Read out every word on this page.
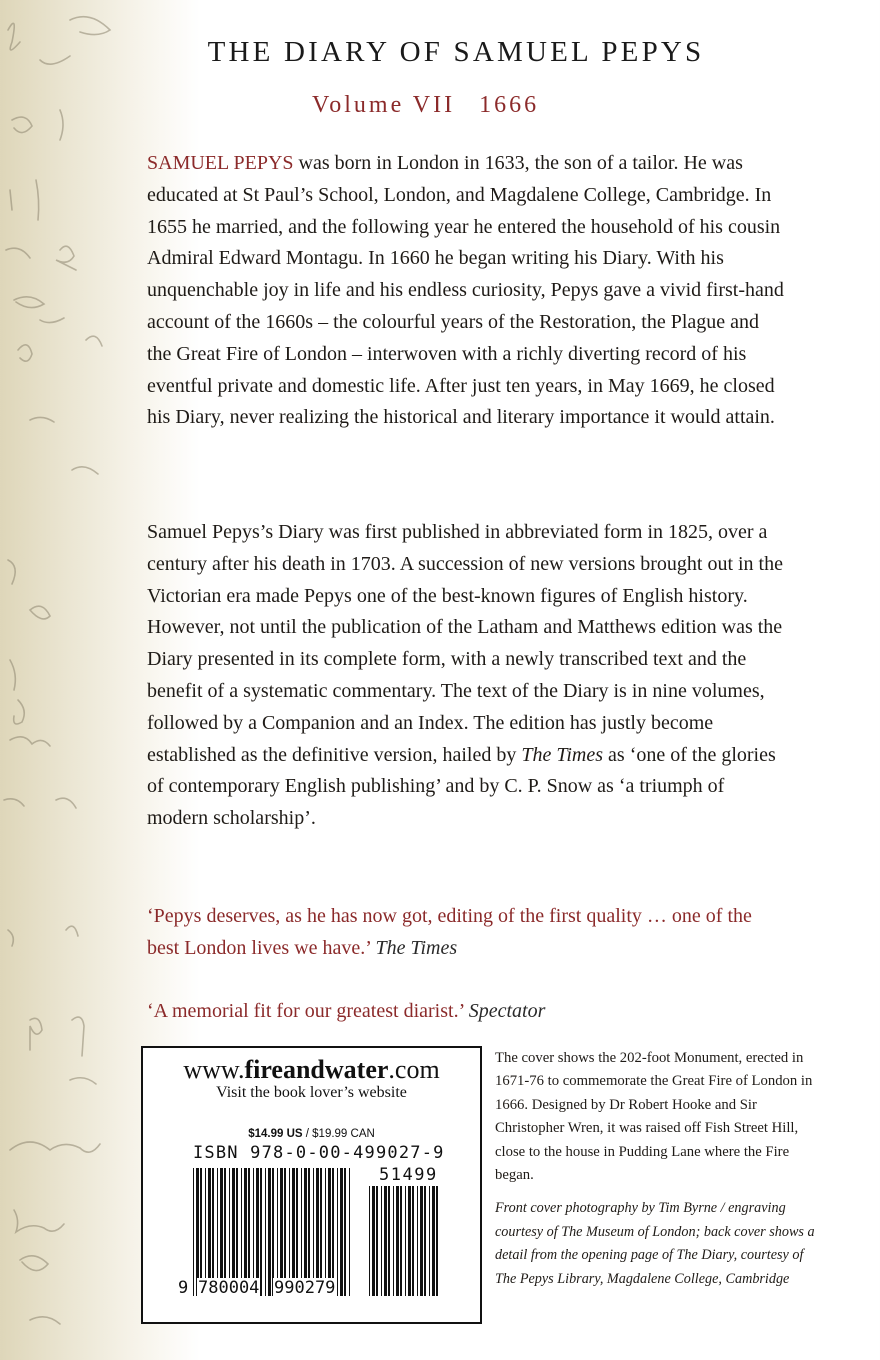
THE DIARY OF SAMUEL PEPYS
Volume VII 1666
SAMUEL PEPYS was born in London in 1633, the son of a tailor. He was educated at St Paul’s School, London, and Magdalene College, Cambridge. In 1655 he married, and the following year he entered the household of his cousin Admiral Edward Montagu. In 1660 he began writing his Diary. With his unquenchable joy in life and his endless curiosity, Pepys gave a vivid first-hand account of the 1660s – the colourful years of the Restoration, the Plague and the Great Fire of London – interwoven with a richly diverting record of his eventful private and domestic life. After just ten years, in May 1669, he closed his Diary, never realizing the historical and literary importance it would attain.
Samuel Pepys’s Diary was first published in abbreviated form in 1825, over a century after his death in 1703. A succession of new versions brought out in the Victorian era made Pepys one of the best-known figures of English history. However, not until the publication of the Latham and Matthews edition was the Diary presented in its complete form, with a newly transcribed text and the benefit of a systematic commentary. The text of the Diary is in nine volumes, followed by a Companion and an Index. The edition has justly become established as the definitive version, hailed by The Times as ‘one of the glories of contemporary English publishing’ and by C. P. Snow as ‘a triumph of modern scholarship’.
‘Pepys deserves, as he has now got, editing of the first quality … one of the best London lives we have.’ The Times
‘A memorial fit for our greatest diarist.’ Spectator
www.fireandwater.com
Visit the book lover’s website
$14.99 US / $19.99 CAN
ISBN 978-0-00-499027-9
51499
9 780004 990279
The cover shows the 202-foot Monument, erected in 1671-76 to commemorate the Great Fire of London in 1666. Designed by Dr Robert Hooke and Sir Christopher Wren, it was raised off Fish Street Hill, close to the house in Pudding Lane where the Fire began.
Front cover photography by Tim Byrne / engraving courtesy of The Museum of London; back cover shows a detail from the opening page of The Diary, courtesy of The Pepys Library, Magdalene College, Cambridge
